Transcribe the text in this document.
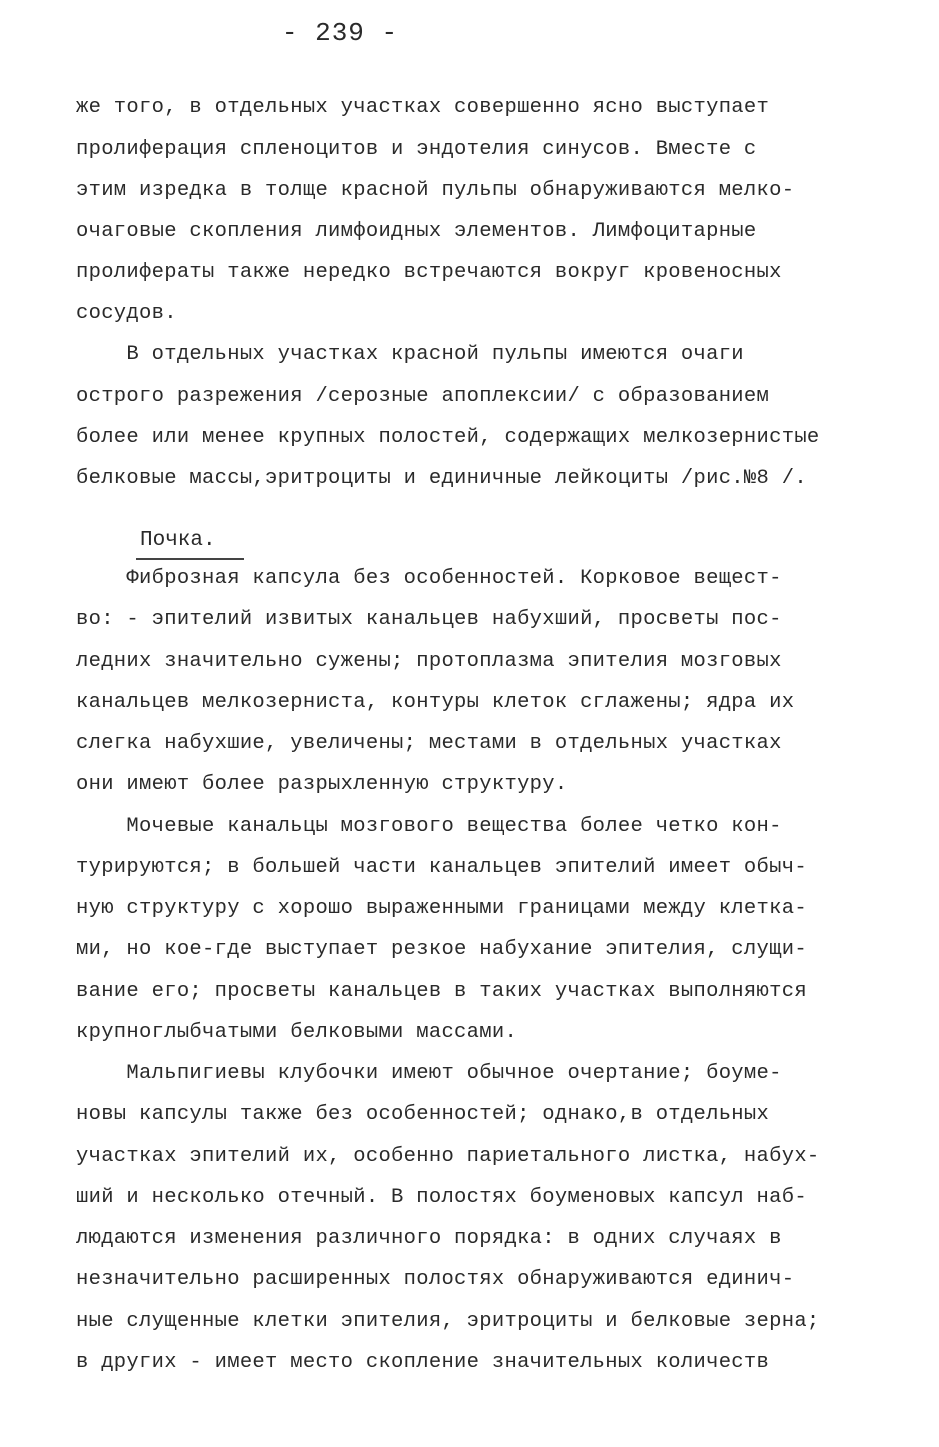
- 239 -
же того, в отдельных участках совершенно ясно выступает
пролиферация спленоцитов и эндотелия синусов. Вместе с
этим изредка в толще красной пульпы обнаруживаются мелко-
очаговые скопления лимфоидных элементов. Лимфоцитарные
пролифераты также нередко встречаются вокруг кровеносных
сосудов.
В отдельных участках красной пульпы имеются очаги
острого разрежения /серозные апоплексии/ с образованием
более или менее крупных полостей, содержащих мелкозернистые
белковые массы,эритроциты и единичные лейкоциты /рис.№8 /.
Почка.
Фиброзная капсула без особенностей. Корковое вещест-
во: - эпителий извитых канальцев набухший, просветы пос-
ледних значительно сужены; протоплазма эпителия мозговых
канальцев мелкозерниста, контуры клеток сглажены; ядра их
слегка набухшие, увеличены; местами в отдельных участках
они имеют более разрыхленную структуру.
Мочевые канальцы мозгового вещества более четко кон-
турируются; в большей части канальцев эпителий имеет обыч-
ную структуру с хорошо выраженными границами между клетка-
ми, но кое-где выступает резкое набухание эпителия, слущи-
вание его; просветы канальцев в таких участках выполняются
крупноглыбчатыми белковыми массами.
Мальпигиевы клубочки имеют обычное очертание; боуме-
новы капсулы также без особенностей; однако,в отдельных
участках эпителий их, особенно париетального листка, набух-
ший и несколько отечный. В полостях боуменовых капсул наб-
людаются изменения различного порядка: в одних случаях в
незначительно расширенных полостях обнаруживаются единич-
ные слущенные клетки эпителия, эритроциты и белковые зерна;
в других - имеет место скопление значительных количеств
